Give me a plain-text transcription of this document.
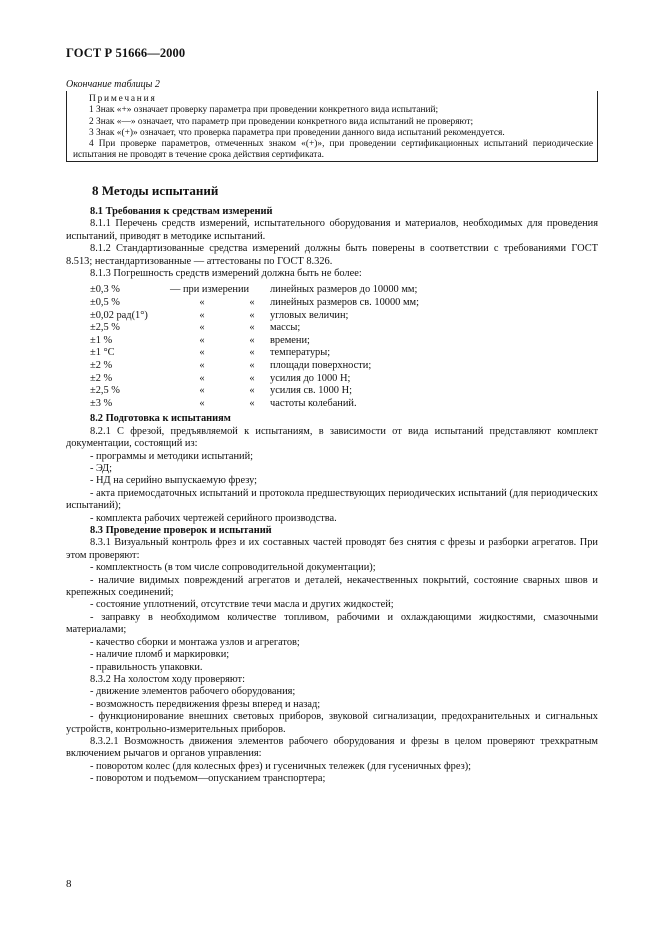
ГОСТ Р 51666—2000
Окончание таблицы 2
Примечания
1 Знак «+» означает проверку параметра при проведении конкретного вида испытаний;
2 Знак «—» означает, что параметр при проведении конкретного вида испытаний не проверяют;
3 Знак «(+)» означает, что проверка параметра при проведении данного вида испытаний рекомендуется.
4 При проверке параметров, отмеченных знаком «(+)», при проведении сертификационных испытаний периодические испытания не проводят в течение срока действия сертификата.
8 Методы испытаний

8.1 Требования к средствам измерений

8.1.1 Перечень средств измерений, испытательного оборудования и материалов, необходимых для проведения испытаний, приводят в методике испытаний.

8.1.2 Стандартизованные средства измерений должны быть поверены в соответствии с требованиями ГОСТ 8.513; нестандартизованные — аттестованы по ГОСТ 8.326.

8.1.3 Погрешность средств измерений должна быть не более:

±0,3 %	— при измерении	линейных размеров до 10000 мм;
±0,5 %	«	«	линейных размеров св. 10000 мм;
±0,02 рад(1°)	«	«	угловых величин;
±2,5 %	«	«	массы;
±1 %	«	«	времени;
±1 °С	«	«	температуры;
±2 %	«	«	площади поверхности;
±2 %	«	«	усилия до 1000 Н;
±2,5 %	«	«	усилия св. 1000 Н;
±3 %	«	«	частоты колебаний.

8.2 Подготовка к испытаниям

8.2.1 С фрезой, предъявляемой к испытаниям, в зависимости от вида испытаний представляют комплект документации, состоящий из:

- программы и методики испытаний;

- ЭД;

- НД на серийно выпускаемую фрезу;

- акта приемосдаточных испытаний и протокола предшествующих периодических испытаний (для периодических испытаний);

- комплекта рабочих чертежей серийного производства.

8.3 Проведение проверок и испытаний

8.3.1 Визуальный контроль фрез и их составных частей проводят без снятия с фрезы и разборки агрегатов. При этом проверяют:

- комплектность (в том числе сопроводительной документации);

- наличие видимых повреждений агрегатов и деталей, некачественных покрытий, состояние сварных швов и крепежных соединений;

- состояние уплотнений, отсутствие течи масла и других жидкостей;

- заправку в необходимом количестве топливом, рабочими и охлаждающими жидкостями, смазочными материалами;

- качество сборки и монтажа узлов и агрегатов;

- наличие пломб и маркировки;

- правильность упаковки.

8.3.2 На холостом ходу проверяют:

- движение элементов рабочего оборудования;

- возможность передвижения фрезы вперед и назад;

- функционирование внешних световых приборов, звуковой сигнализации, предохранительных и сигнальных устройств, контрольно-измерительных приборов.

8.3.2.1 Возможность движения элементов рабочего оборудования и фрезы в целом проверяют трехкратным включением рычагов и органов управления:

- поворотом колес (для колесных фрез) и гусеничных тележек (для гусеничных фрез);

- поворотом и подъемом—опусканием транспортера;

8
